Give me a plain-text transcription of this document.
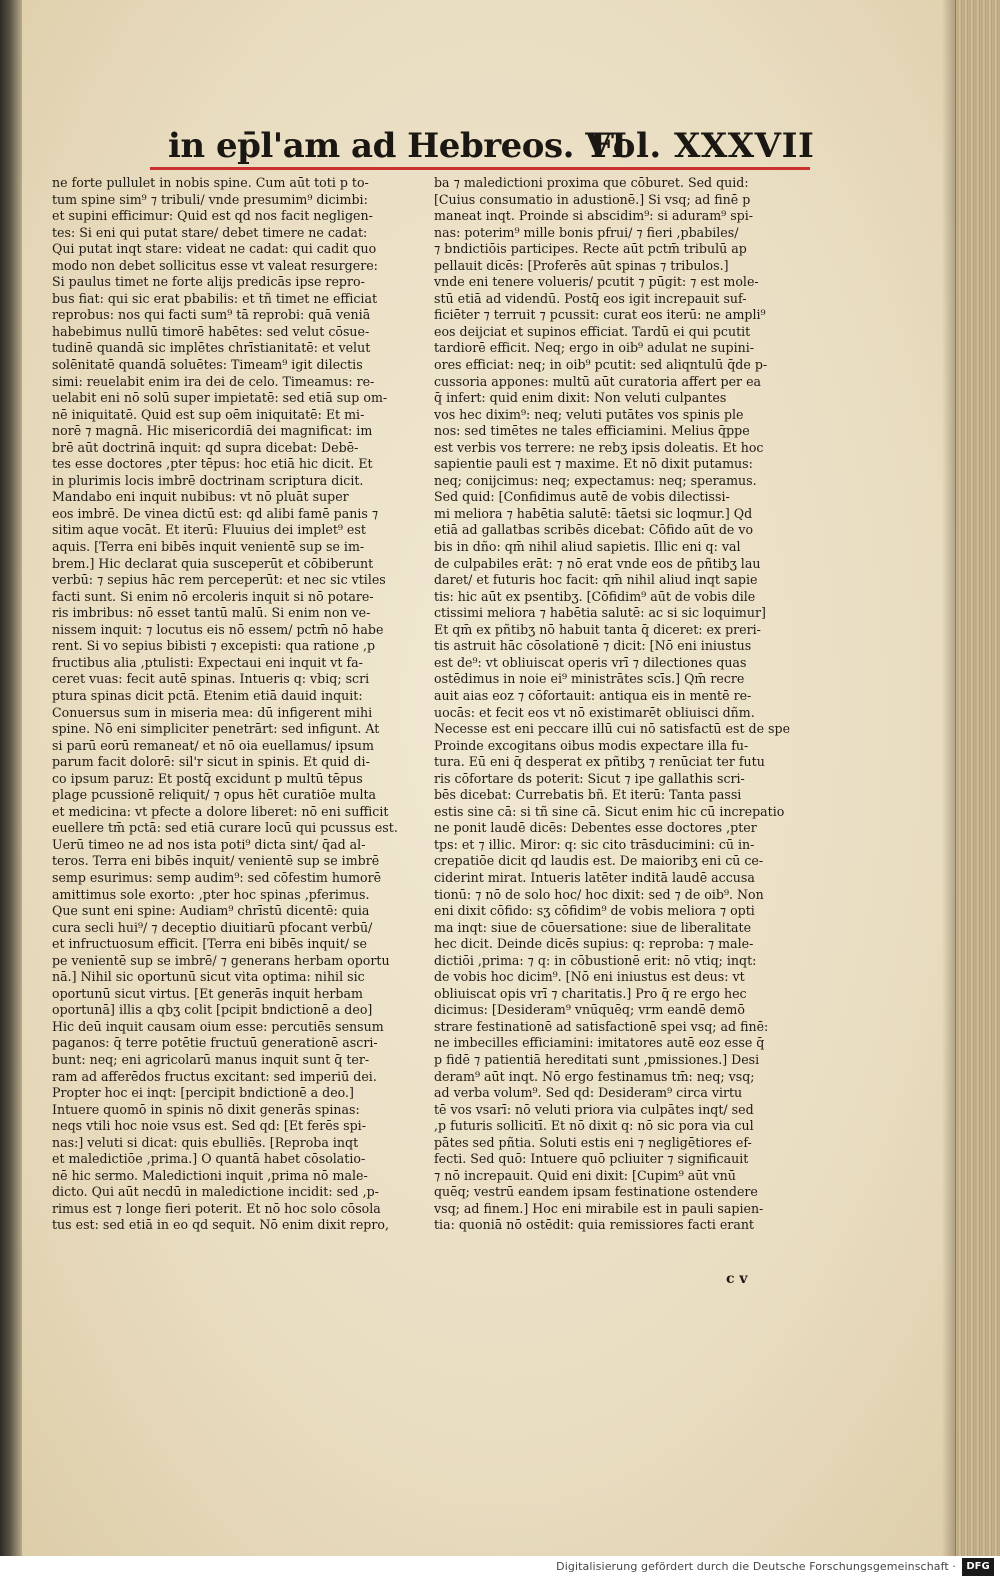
in ep̄l'am ad Hebreos. VI
Fol. XXXVII
ne forte pullulet in nobis spine. Cum aūt toti p to-
tum spine sim⁹ ⁊ tribuli/ vnde presumim⁹ dicimbi:
et supini efficimur: Quid est qd nos facit negligen-
tes: Si eni qui putat stare/ debet timere ne cadat:
Qui putat inqt stare: videat ne cadat: qui cadit quo
modo non debet sollicitus esse vt valeat resurgere:
Si paulus timet ne forte alijs predicās ipse repro-
bus fiat: qui sic erat pbabilis: et tñ timet ne efficiat
reprobus: nos qui facti sum⁹ tā reprobi: quā veniā
habebimus nullū timorē habētes: sed velut cōsue-
tudinē quandā sic implētes chrīstianitatē: et velut
solēnitatē quandā soluētes: Timeam⁹ igit dilectis
simi: reuelabit enim ira dei de celo. Timeamus: re-
uelabit eni nō solū super impietatē: sed etiā sup om-
nē iniquitatē. Quid est sup oēm iniquitatē: Et mi-
norē ⁊ magnā. Hic misericordiā dei magnificat: im
brē aūt doctrinā inquit: qd supra dicebat: Debē-
tes esse doctores ,pter tēpus: hoc etiā hic dicit. Et
in plurimis locis imbrē doctrinam scriptura dicit.
Mandabo eni inquit nubibus: vt nō pluāt super
eos imbrē. De vinea dictū est: qd alibi famē panis ⁊
sitim aque vocāt. Et iterū: Fluuius dei implet⁹ est
aquis. [Terra eni bibēs inquit venientē sup se im-
brem.] Hic declarat quia susceperūt et cōbiberunt
verbū: ⁊ sepius hāc rem perceperūt: et nec sic vtiles
facti sunt. Si enim nō ercoleris inquit si nō potare-
ris imbribus: nō esset tantū malū. Si enim non ve-
nissem inquit: ⁊ locutus eis nō essem/ pctm̄ nō habe
rent. Si vo sepius bibisti ⁊ excepisti: qua ratione ,p
fructibus alia ,ptulisti: Expectaui eni inquit vt fa-
ceret vuas: fecit autē spinas. Intueris q: vbiq; scri
ptura spinas dicit pctā. Etenim etiā dauid inquit:
Conuersus sum in miseria mea: dū infigerent mihi
spine. Nō eni simpliciter penetrārt: sed infigunt. At
si parū eorū remaneat/ et nō oia euellamus/ ipsum
parum facit dolorē: sil'r sicut in spinis. Et quid di-
co ipsum paruz: Et postq̄ excidunt p multū tēpus
plage pcussionē reliquit/ ⁊ opus hēt curatiōe multa
et medicina: vt pfecte a dolore liberet: nō eni sufficit
euellere tm̄ pctā: sed etiā curare locū qui pcussus est.
Uerū timeo ne ad nos ista poti⁹ dicta sint/ q̄ad al-
teros. Terra eni bibēs inquit/ venientē sup se imbrē
semp esurimus: semp audim⁹: sed cōfestim humorē
amittimus sole exorto: ,pter hoc spinas ,pferimus.
Que sunt eni spine: Audiam⁹ chrīstū dicentē: quia
cura secli hui⁹/ ⁊ deceptio diuitiarū pfocant verbū/
et infructuosum efficit. [Terra eni bibēs inquit/ se
pe venientē sup se imbrē/ ⁊ generans herbam oportu
nā.] Nihil sic oportunū sicut vita optima: nihil sic
oportunū sicut virtus. [Et generās inquit herbam
oportunā] illis a qbʒ colit [pcipit bndictionē a deo]
Hic deū inquit causam oium esse: percutiēs sensum
paganos: q̄ terre potētie fructuū generationē ascri-
bunt: neq; eni agricolarū manus inquit sunt q̄ ter-
ram ad afferēdos fructus excitant: sed imperiū dei.
Propter hoc ei inqt: [percipit bndictionē a deo.]
Intuere quomō in spinis nō dixit generās spinas:
neqs vtili hoc noie vsus est. Sed qd: [Et ferēs spi-
nas:] veluti si dicat: quis ebulliēs. [Reproba inqt
et maledictiōe ,prima.] O quantā habet cōsolatio-
nē hic sermo. Maledictioni inquit ,prima nō male-
dicto. Qui aūt necdū in maledictione incidit: sed ,p-
rimus est ⁊ longe fieri poterit. Et nō hoc solo cōsola
tus est: sed etiā in eo qd sequit. Nō enim dixit repro,
ba ⁊ maledictioni proxima que cōburet. Sed quid:
[Cuius consumatio in adustionē.] Si vsq; ad finē p
maneat inqt. Proinde si abscidim⁹: si aduram⁹ spi-
nas: poterim⁹ mille bonis pfrui/ ⁊ fieri ,pbabiles/
⁊ bndictiōis participes. Recte aūt pctm̄ tribulū ap
pellauit dicēs: [Proferēs aūt spinas ⁊ tribulos.]
vnde eni tenere volueris/ pcutit ⁊ pūgit: ⁊ est mole-
stū etiā ad videndū. Postq̄ eos igit increpauit suf-
ficiēter ⁊ terruit ⁊ pcussit: curat eos iterū: ne ampli⁹
eos deijciat et supinos efficiat. Tardū ei qui pcutit
tardiorē efficit. Neq; ergo in oib⁹ adulat ne supini-
ores efficiat: neq; in oib⁹ pcutit: sed aliqntulū q̄de p-
cussoria appones: multū aūt curatoria affert per ea
q̄ infert: quid enim dixit: Non veluti culpantes
vos hec dixim⁹: neq; veluti putātes vos spinis ple
nos: sed timētes ne tales efficiamini. Melius q̄ppe
est verbis vos terrere: ne rebʒ ipsis doleatis. Et hoc
sapientie pauli est ⁊ maxime. Et nō dixit putamus:
neq; conijcimus: neq; expectamus: neq; speramus.
Sed quid: [Confidimus autē de vobis dilectissi-
mi meliora ⁊ habētia salutē: tāetsi sic loqmur.] Qd
etiā ad gallatbas scribēs dicebat: Cōfido aūt de vo
bis in dño: qm̄ nihil aliud sapietis. Illic eni q: val
de culpabiles erāt: ⁊ nō erat vnde eos de pñtibʒ lau
daret/ et futuris hoc facit: qm̄ nihil aliud inqt sapie
tis: hic aūt ex psentibʒ. [Cōfidim⁹ aūt de vobis dile
ctissimi meliora ⁊ habētia salutē: ac si sic loquimur]
Et qm̄ ex pñtibʒ nō habuit tanta q̄ diceret: ex preri-
tis astruit hāc cōsolationē ⁊ dicit: [Nō eni iniustus
est de⁹: vt obliuiscat operis vrī ⁊ dilectiones quas
ostēdimus in noie ei⁹ ministrātes scīs.] Qm̄ recre
auit aias eoz ⁊ cōfortauit: antiqua eis in mentē re-
uocās: et fecit eos vt nō existimarēt obliuisci dñm.
Necesse est eni peccare illū cui nō satisfactū est de spe
Proinde excogitans oibus modis expectare illa fu-
tura. Eū eni q̄ desperat ex pñtibʒ ⁊ renūciat ter futu
ris cōfortare ds poterit: Sicut ⁊ ipe gallathis scri-
bēs dicebat: Currebatis bñ. Et iterū: Tanta passi
estis sine cā: si tñ sine cā. Sicut enim hic cū increpatio
ne ponit laudē dicēs: Debentes esse doctores ,pter
tps: et ⁊ illic. Miror: q: sic cito trāsducimini: cū in-
crepatiōe dicit qd laudis est. De maioribʒ eni cū ce-
ciderint mirat. Intueris latēter inditā laudē accusa
tionū: ⁊ nō de solo hoc/ hoc dixit: sed ⁊ de oib⁹. Non
eni dixit cōfido: sʒ cōfidim⁹ de vobis meliora ⁊ opti
ma inqt: siue de cōuersatione: siue de liberalitate
hec dicit. Deinde dicēs supius: q: reproba: ⁊ male-
dictiōi ,prima: ⁊ q: in cōbustionē erit: nō vtiq; inqt:
de vobis hoc dicim⁹. [Nō eni iniustus est deus: vt
obliuiscat opis vrī ⁊ charitatis.] Pro q̄ re ergo hec
dicimus: [Desideram⁹ vnūquēq; vrm eandē demō
strare festinationē ad satisfactionē spei vsq; ad finē:
ne imbecilles efficiamini: imitatores autē eoz esse q̄
p fidē ⁊ patientiā hereditati sunt ,pmissiones.] Desi
deram⁹ aūt inqt. Nō ergo festinamus tm̄: neq; vsq;
ad verba volum⁹. Sed qd: Desideram⁹ circa virtu
tē vos vsarī: nō veluti priora via culpātes inqt/ sed
,p futuris sollicitī. Et nō dixit q: nō sic pora via cul
pātes sed pñtia. Soluti estis eni ⁊ negligētiores ef-
fecti. Sed quō: Intuere quō pcliuiter ⁊ significauit
⁊ nō increpauit. Quid eni dixit: [Cupim⁹ aūt vnū
quēq; vestrū eandem ipsam festinatione ostendere
vsq; ad finem.] Hoc eni mirabile est in pauli sapien-
tia: quoniā nō ostēdit: quia remissiores facti erant
c v
Digitalisierung gefördert durch die Deutsche Forschungsgemeinschaft ·	DFG
